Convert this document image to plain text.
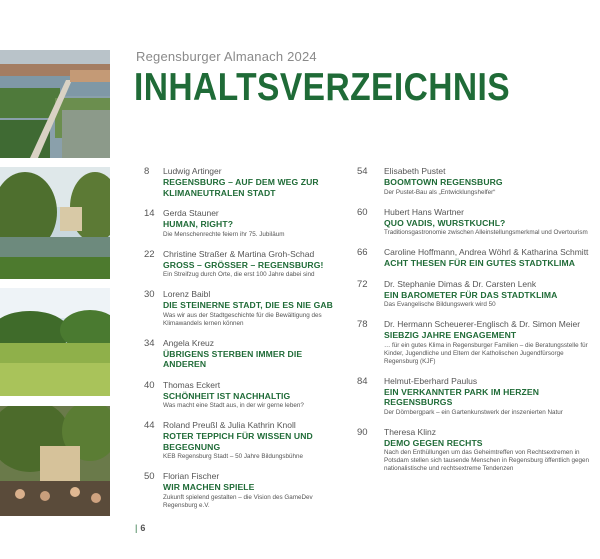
Regensburger Almanach 2024
INHALTSVERZEICHNIS
8 Ludwig Artinger
REGENSBURG – AUF DEM WEG ZUR KLIMANEUTRALEN STADT
14 Gerda Stauner
HUMAN, RIGHT?
Die Menschenrechte feiern ihr 75. Jubiläum
22 Christine Straßer & Martina Groh-Schad
GROSS – GRÖSSER – REGENSBURG!
Ein Streifzug durch Orte, die erst 100 Jahre dabei sind
30 Lorenz Baibl
DIE STEINERNE STADT, DIE ES NIE GAB
Was wir aus der Stadtgeschichte für die Bewältigung des Klimawandels lernen können
34 Angela Kreuz
ÜBRIGENS STERBEN IMMER DIE ANDEREN
40 Thomas Eckert
SCHÖNHEIT IST NACHHALTIG
Was macht eine Stadt aus, in der wir gerne leben?
44 Roland Preußl & Julia Kathrin Knoll
ROTER TEPPICH FÜR WISSEN UND BEGEGNUNG
KEB Regensburg Stadt – 50 Jahre Bildungsbühne
50 Florian Fischer
WIR MACHEN SPIELE
Zukunft spielend gestalten – die Vision des GameDev Regensburg e.V.
54 Elisabeth Pustet
BOOMTOWN REGENSBURG
Der Pustet-Bau als „Entwicklungshelfer“
60 Hubert Hans Wartner
QUO VADIS, WURSTKUCHL?
Traditionsgastronomie zwischen Alleinstellungsmerkmal und Overtourism
66 Caroline Hoffmann, Andrea Wöhrl & Katharina Schmitt
ACHT THESEN FÜR EIN GUTES STADTKLIMA
72 Dr. Stephanie Dimas & Dr. Carsten Lenk
EIN BAROMETER FÜR DAS STADTKLIMA
Das Evangelische Bildungswerk wird 50
78 Dr. Hermann Scheuerer-Englisch & Dr. Simon Meier
SIEBZIG JAHRE ENGAGEMENT
… für ein gutes Klima in Regensburger Familien – die Beratungsstelle für Kinder, Jugendliche und Eltern der Katholischen Jugendfürsorge Regensburg (KJF)
84 Helmut-Eberhard Paulus
EIN VERKANNTER PARK IM HERZEN REGENSBURGS
Der Dörnbergpark – ein Gartenkunstwerk der inszenierten Natur
90 Theresa Klinz
DEMO GEGEN RECHTS
Nach den Enthüllungen um das Geheimtreffen von Rechtsextremen in Potsdam stellen sich tausende Menschen in Regensburg öffentlich gegen nationalistische und rechtsextreme Tendenzen
| 6
